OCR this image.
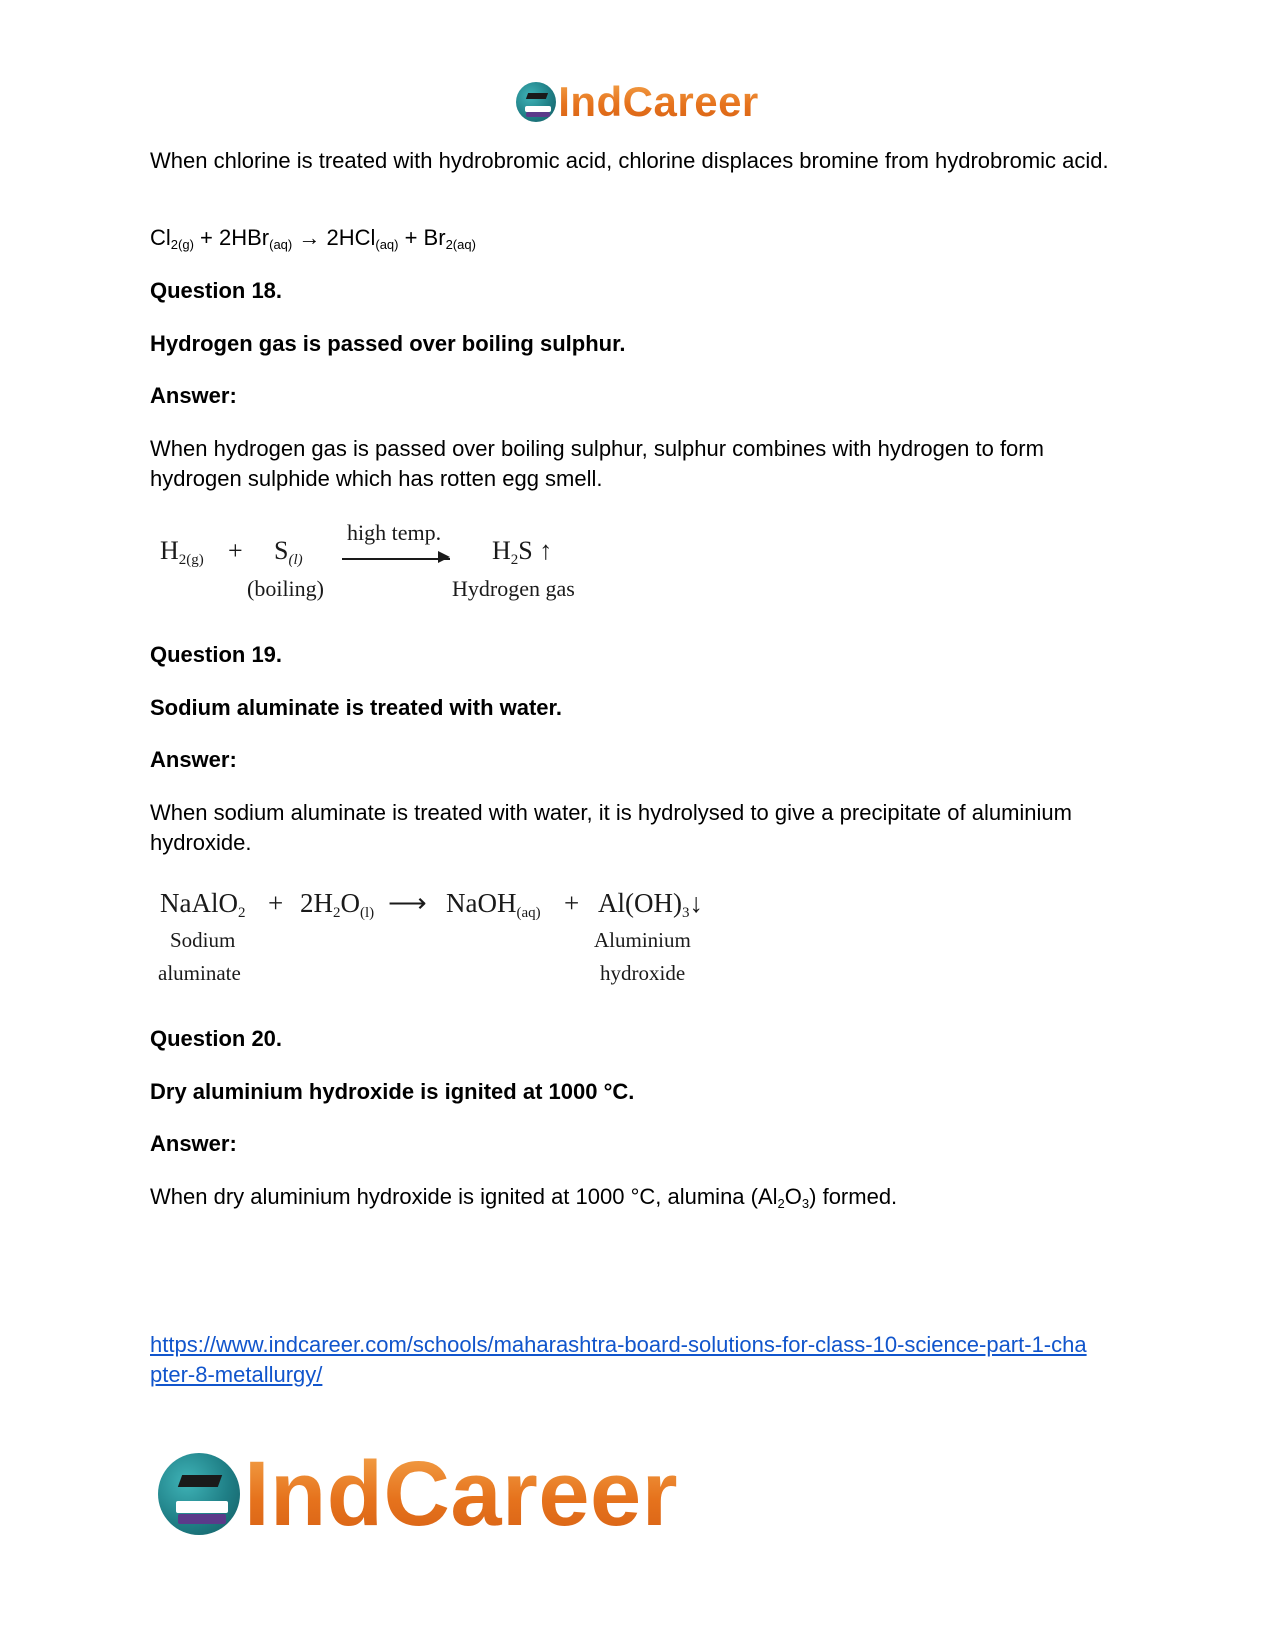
IndCareer

When chlorine is treated with hydrobromic acid, chlorine displaces bromine from hydrobromic acid.

$Cl_{2(g)} + 2HBr_{(aq)} \to 2HCl_{(aq)} + Br_{2(aq)}$

Question 18.

Hydrogen gas is passed over boiling sulphur.

Answer:

When hydrogen gas is passed over boiling sulphur, sulphur combines with hydrogen to form hydrogen sulphide which has rotten egg smell.

H2(g) + S(l)
high temp.
H2S ↑
(boiling)	Hydrogen gas

Question 19.

Sodium aluminate is treated with water.

Answer:

When sodium aluminate is treated with water, it is hydrolysed to give a precipitate of aluminium hydroxide.

NaAlO2 + 2H2O(l) ⟶ NaOH(aq) + Al(OH)3↓
Sodium
aluminate
Aluminium
hydroxide

Question 20.

Dry aluminium hydroxide is ignited at 1000 °C.

Answer:

When dry aluminium hydroxide is ignited at 1000 °C, alumina $(Al_2O_3)$ formed.

https://www.indcareer.com/schools/maharashtra-board-solutions-for-class-10-science-part-1-cha
pter-8-metallurgy/
IndCareer
